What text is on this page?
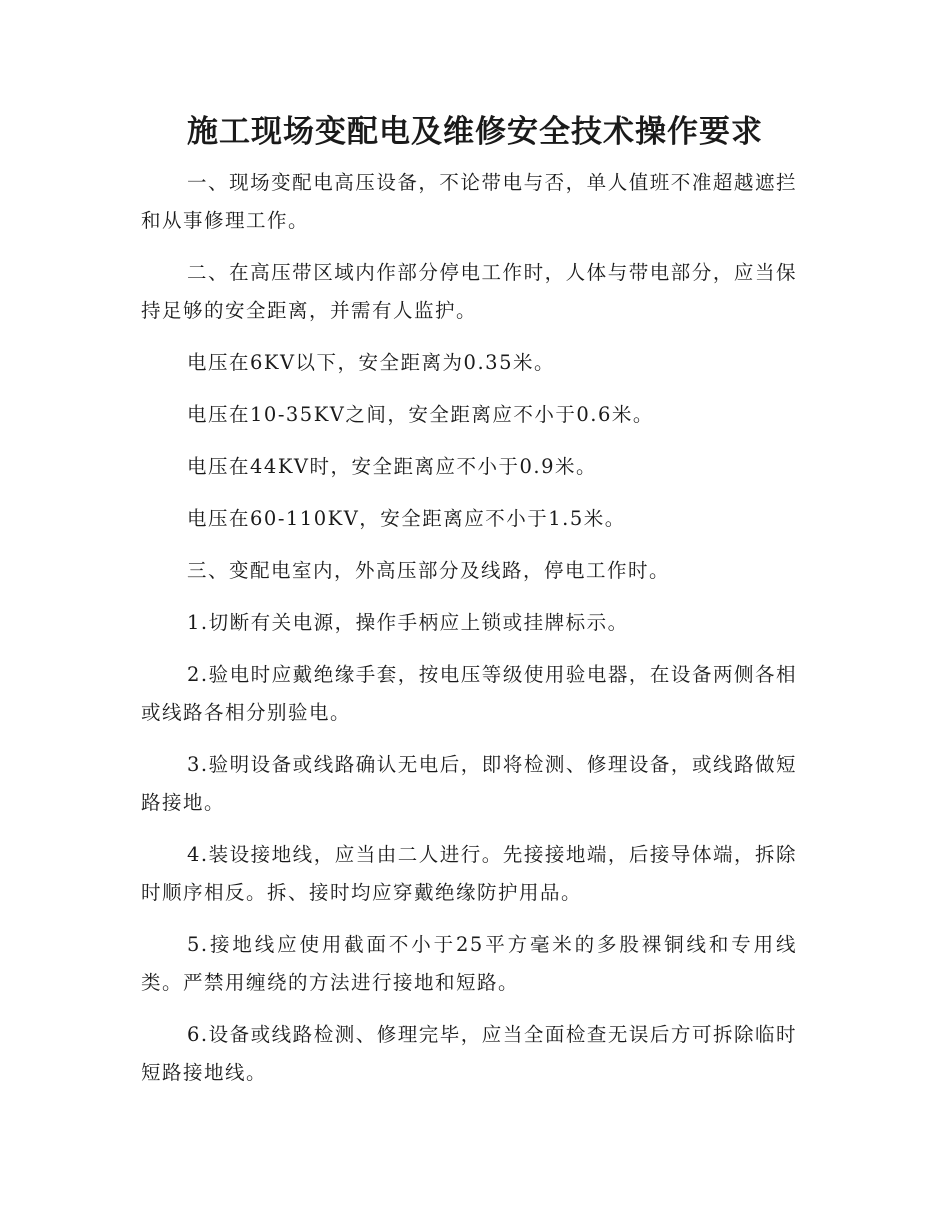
施工现场变配电及维修安全技术操作要求

一、现场变配电高压设备，不论带电与否，单人值班不准超越遮拦和从事修理工作。

二、在高压带区域内作部分停电工作时，人体与带电部分，应当保持足够的安全距离，并需有人监护。

电压在6KV以下，安全距离为0.35米。

电压在10-35KV之间，安全距离应不小于0.6米。

电压在44KV时，安全距离应不小于0.9米。

电压在60-110KV，安全距离应不小于1.5米。

三、变配电室内，外高压部分及线路，停电工作时。

1.切断有关电源，操作手柄应上锁或挂牌标示。

2.验电时应戴绝缘手套，按电压等级使用验电器，在设备两侧各相或线路各相分别验电。

3.验明设备或线路确认无电后，即将检测、修理设备，或线路做短路接地。

4.装设接地线，应当由二人进行。先接接地端，后接导体端，拆除时顺序相反。拆、接时均应穿戴绝缘防护用品。

5.接地线应使用截面不小于25平方毫米的多股裸铜线和专用线类。严禁用缠绕的方法进行接地和短路。

6.设备或线路检测、修理完毕，应当全面检查无误后方可拆除临时短路接地线。
